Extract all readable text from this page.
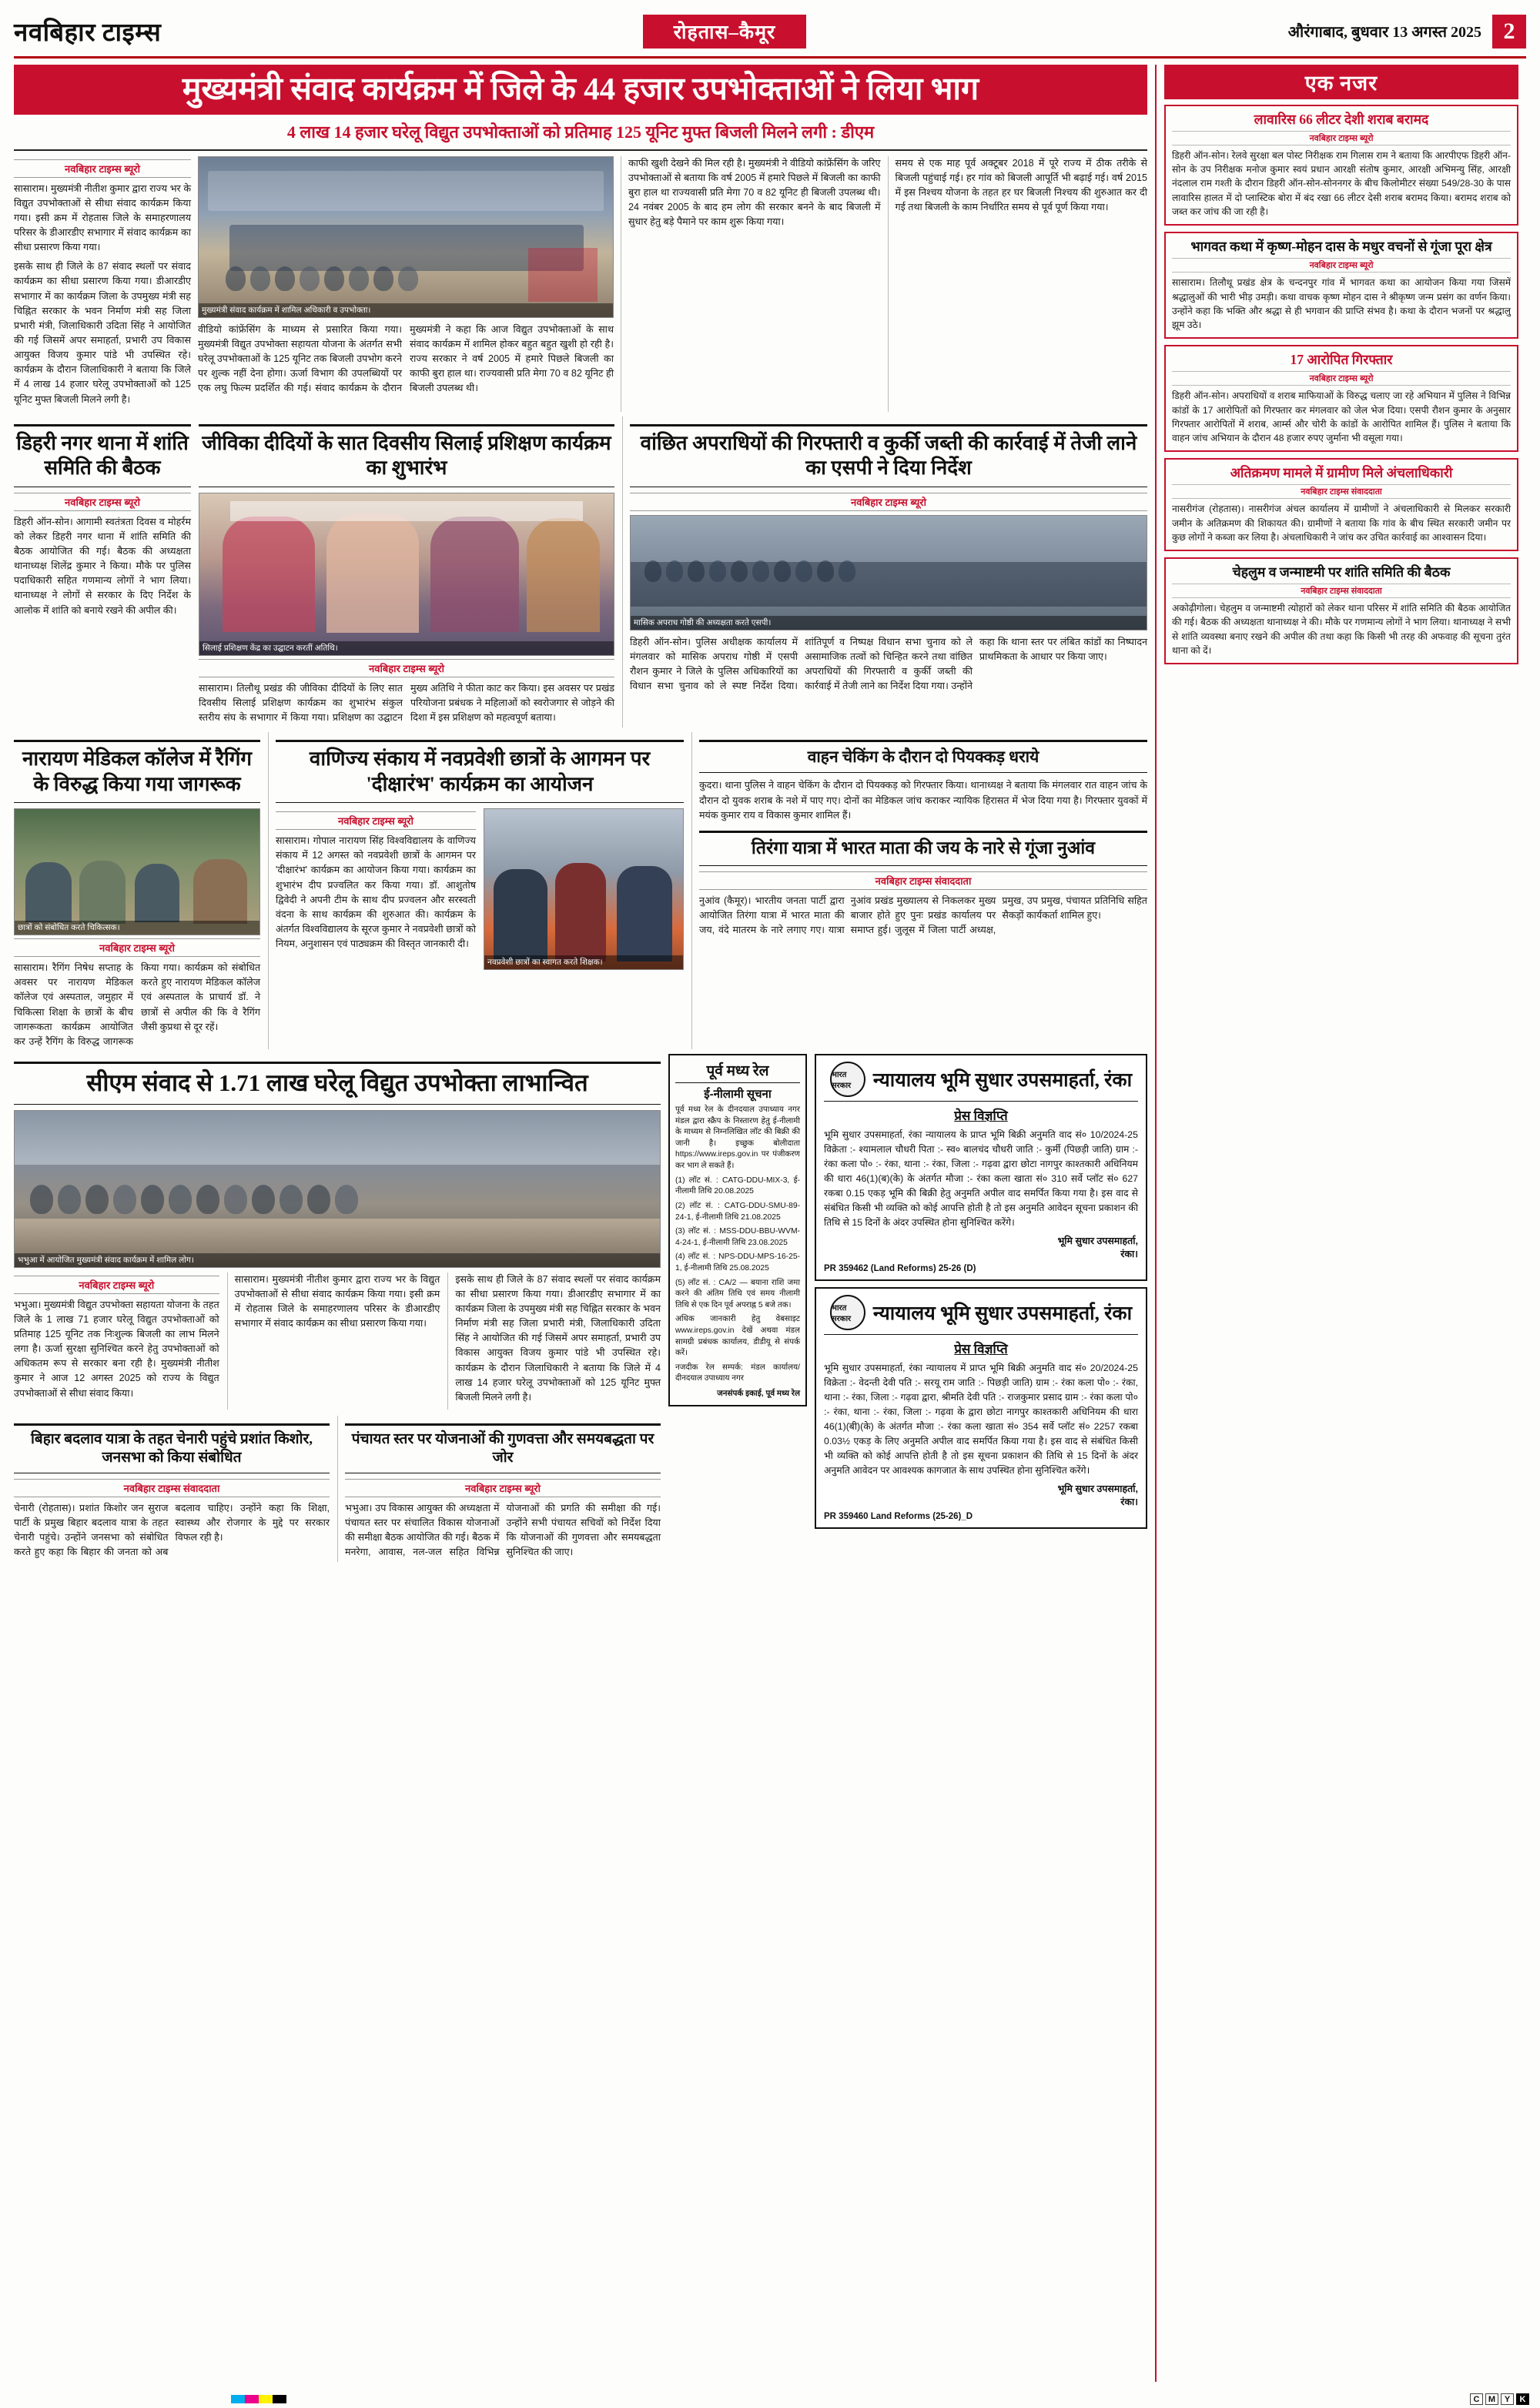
नवबिहार टाइम्स	रोहतास–कैमूर	औरंगाबाद, बुधवार 13 अगस्त 2025 2
मुख्यमंत्री संवाद कार्यक्रम में जिले के 44 हजार उपभोक्ताओं ने लिया भाग
4 लाख 14 हजार घरेलू विद्युत उपभोक्ताओं को प्रतिमाह 125 यूनिट मुफ्त बिजली मिलने लगी : डीएम
नवबिहार टाइम्स ब्यूरो

सासाराम। मुख्यमंत्री नीतीश कुमार द्वारा राज्य भर के विद्युत उपभोक्ताओं से सीधा संवाद कार्यक्रम किया गया। इसी क्रम में रोहतास जिले के समाहरणालय परिसर के डीआरडीए सभागार में संवाद कार्यक्रम का सीधा प्रसारण किया गया।

इसके साथ ही जिले के 87 संवाद स्थलों पर संवाद कार्यक्रम का सीधा प्रसारण किया गया। डीआरडीए सभागार में का कार्यक्रम जिला के उपमुख्य मंत्री सह चिह्नित सरकार के भवन निर्माण मंत्री सह जिला प्रभारी मंत्री, जिलाधिकारी उदिता सिंह ने आयोजित की गई जिसमें अपर समाहर्ता, प्रभारी उप विकास आयुक्त विजय कुमार पांडे भी उपस्थित रहे। कार्यक्रम के दौरान जिलाधिकारी ने बताया कि जिले में 4 लाख 14 हजार घरेलू उपभोक्ताओं को 125 यूनिट मुफ्त बिजली मिलने लगी है।

मुख्यमंत्री संवाद कार्यक्रम में शामिल अधिकारी व उपभोक्ता।

वीडियो कांफ्रेंसिंग के माध्यम से प्रसारित किया गया। मुख्यमंत्री विद्युत उपभोक्ता सहायता योजना के अंतर्गत सभी घरेलू उपभोक्ताओं के 125 यूनिट तक बिजली उपभोग करने पर शुल्क नहीं देना होगा। ऊर्जा विभाग की उपलब्धियों पर एक लघु फिल्म प्रदर्शित की गई। संवाद कार्यक्रम के दौरान मुख्यमंत्री ने कहा कि आज विद्युत उपभोक्ताओं के साथ संवाद कार्यक्रम में शामिल होकर बहुत बहुत खुशी हो रही है। राज्य सरकार ने वर्ष 2005 में हमारे पिछले बिजली का काफी बुरा हाल था। राज्यवासी प्रति मेगा 70 व 82 यूनिट ही बिजली उपलब्ध थी।

काफी खुशी देखने की मिल रही है। मुख्यमंत्री ने वीडियो कांफ्रेंसिंग के जरिए उपभोक्ताओं से बताया कि वर्ष 2005 में हमारे पिछले में बिजली का काफी बुरा हाल था राज्यवासी प्रति मेगा 70 व 82 यूनिट ही बिजली उपलब्ध थी। 24 नवंबर 2005 के बाद हम लोग की सरकार बनने के बाद बिजली में सुधार हेतु बड़े पैमाने पर काम शुरू किया गया।

समय से एक माह पूर्व अक्टूबर 2018 में पूरे राज्य में ठीक तरीके से बिजली पहुंचाई गई। हर गांव को बिजली आपूर्ति भी बढ़ाई गई। वर्ष 2015 में इस निश्चय योजना के तहत हर घर बिजली निश्चय की शुरुआत कर दी गई तथा बिजली के काम निर्धारित समय से पूर्व पूर्ण किया गया।

डिहरी नगर थाना में शांति समिति की बैठक
नवबिहार टाइम्स ब्यूरो

डिहरी ऑन-सोन। आगामी स्वतंत्रता दिवस व मोहर्रम को लेकर डिहरी नगर थाना में शांति समिति की बैठक आयोजित की गई। बैठक की अध्यक्षता थानाध्यक्ष शिलेंद्र कुमार ने किया। मौके पर पुलिस पदाधिकारी सहित गणमान्य लोगों ने भाग लिया। थानाध्यक्ष ने लोगों से सरकार के दिए निर्देश के आलोक में शांति को बनाये रखने की अपील की।

जीविका दीदियों के सात दिवसीय सिलाई प्रशिक्षण कार्यक्रम का शुभारंभ
सिलाई प्रशिक्षण केंद्र का उद्घाटन करतीं अतिथि।
नवबिहार टाइम्स ब्यूरो

सासाराम। तिलौथू प्रखंड की जीविका दीदियों के लिए सात दिवसीय सिलाई प्रशिक्षण कार्यक्रम का शुभारंभ संकुल स्तरीय संघ के सभागार में किया गया। प्रशिक्षण का उद्घाटन मुख्य अतिथि ने फीता काट कर किया। इस अवसर पर प्रखंड परियोजना प्रबंधक ने महिलाओं को स्वरोजगार से जोड़ने की दिशा में इस प्रशिक्षण को महत्वपूर्ण बताया।

वांछित अपराधियों की गिरफ्तारी व कुर्की जब्ती की कार्रवाई में तेजी लाने का एसपी ने दिया निर्देश
नवबिहार टाइम्स ब्यूरो
मासिक अपराध गोष्ठी की अध्यक्षता करते एसपी।

डिहरी ऑन-सोन। पुलिस अधीक्षक कार्यालय में मंगलवार को मासिक अपराध गोष्ठी में एसपी रौशन कुमार ने जिले के पुलिस अधिकारियों का विधान सभा चुनाव को ले स्पष्ट निर्देश दिया। शांतिपूर्ण व निष्पक्ष विधान सभा चुनाव को ले असामाजिक तत्वों को चिन्हित करने तथा वांछित अपराधियों की गिरफ्तारी व कुर्की जब्ती की कार्रवाई में तेजी लाने का निर्देश दिया गया। उन्होंने कहा कि थाना स्तर पर लंबित कांडों का निष्पादन प्राथमिकता के आधार पर किया जाए।

नारायण मेडिकल कॉलेज में रैगिंग के विरुद्ध किया गया जागरूक
छात्रों को संबोधित करते चिकित्सक।
नवबिहार टाइम्स ब्यूरो

सासाराम। रैगिंग निषेध सप्ताह के अवसर पर नारायण मेडिकल कॉलेज एवं अस्पताल, जमुहार में चिकित्सा शिक्षा के छात्रों के बीच जागरूकता कार्यक्रम आयोजित कर उन्हें रैगिंग के विरुद्ध जागरूक किया गया। कार्यक्रम को संबोधित करते हुए नारायण मेडिकल कॉलेज एवं अस्पताल के प्राचार्य डॉ. ने छात्रों से अपील की कि वे रैगिंग जैसी कुप्रथा से दूर रहें।

वाणिज्य संकाय में नवप्रवेशी छात्रों के आगमन पर 'दीक्षारंभ' कार्यक्रम का आयोजन
नवबिहार टाइम्स ब्यूरो

सासाराम। गोपाल नारायण सिंह विश्वविद्यालय के वाणिज्य संकाय में 12 अगस्त को नवप्रवेशी छात्रों के आगमन पर 'दीक्षारंभ' कार्यक्रम का आयोजन किया गया। कार्यक्रम का शुभारंभ दीप प्रज्वलित कर किया गया। डॉ. आशुतोष द्विवेदी ने अपनी टीम के साथ दीप प्रज्वलन और सरस्वती वंदना के साथ कार्यक्रम की शुरुआत की। कार्यक्रम के अंतर्गत विश्वविद्यालय के सूरज कुमार ने नवप्रवेशी छात्रों को नियम, अनुशासन एवं पाठ्यक्रम की विस्तृत जानकारी दी।

नवप्रवेशी छात्रों का स्वागत करते शिक्षक।
वाहन चेकिंग के दौरान दो पियक्कड़ धराये

कुदरा। थाना पुलिस ने वाहन चेकिंग के दौरान दो पियक्कड़ को गिरफ्तार किया। थानाध्यक्ष ने बताया कि मंगलवार रात वाहन जांच के दौरान दो युवक शराब के नशे में पाए गए। दोनों का मेडिकल जांच कराकर न्यायिक हिरासत में भेज दिया गया है। गिरफ्तार युवकों में मयंक कुमार राय व विकास कुमार शामिल हैं।

तिरंगा यात्रा में भारत माता की जय के नारे से गूंजा नुआंव
नवबिहार टाइम्स संवाददाता

नुआंव (कैमूर)। भारतीय जनता पार्टी द्वारा आयोजित तिरंगा यात्रा में भारत माता की जय, वंदे मातरम के नारे लगाए गए। यात्रा नुआंव प्रखंड मुख्यालय से निकलकर मुख्य बाजार होते हुए पुनः प्रखंड कार्यालय पर समाप्त हुई। जुलूस में जिला पार्टी अध्यक्ष, प्रमुख, उप प्रमुख, पंचायत प्रतिनिधि सहित सैकड़ों कार्यकर्ता शामिल हुए।

सीएम संवाद से 1.71 लाख घरेलू विद्युत उपभोक्ता लाभान्वित
भभुआ में आयोजित मुख्यमंत्री संवाद कार्यक्रम में शामिल लोग।
नवबिहार टाइम्स ब्यूरो

भभुआ। मुख्यमंत्री विद्युत उपभोक्ता सहायता योजना के तहत जिले के 1 लाख 71 हजार घरेलू विद्युत उपभोक्ताओं को प्रतिमाह 125 यूनिट तक निःशुल्क बिजली का लाभ मिलने लगा है। ऊर्जा सुरक्षा सुनिश्चित करने हेतु उपभोक्ताओं को अधिकतम रूप से सरकार बना रही है। मुख्यमंत्री नीतीश कुमार ने आज 12 अगस्त 2025 को राज्य के विद्युत उपभोक्ताओं से सीधा संवाद किया।

सासाराम। मुख्यमंत्री नीतीश कुमार द्वारा राज्य भर के विद्युत उपभोक्ताओं से सीधा संवाद कार्यक्रम किया गया। इसी क्रम में रोहतास जिले के समाहरणालय परिसर के डीआरडीए सभागार में संवाद कार्यक्रम का सीधा प्रसारण किया गया।

इसके साथ ही जिले के 87 संवाद स्थलों पर संवाद कार्यक्रम का सीधा प्रसारण किया गया। डीआरडीए सभागार में का कार्यक्रम जिला के उपमुख्य मंत्री सह चिह्नित सरकार के भवन निर्माण मंत्री सह जिला प्रभारी मंत्री, जिलाधिकारी उदिता सिंह ने आयोजित की गई जिसमें अपर समाहर्ता, प्रभारी उप विकास आयुक्त विजय कुमार पांडे भी उपस्थित रहे। कार्यक्रम के दौरान जिलाधिकारी ने बताया कि जिले में 4 लाख 14 हजार घरेलू उपभोक्ताओं को 125 यूनिट मुफ्त बिजली मिलने लगी है।

बिहार बदलाव यात्रा के तहत चेनारी पहुंचे प्रशांत किशोर, जनसभा को किया संबोधित
नवबिहार टाइम्स संवाददाता

चेनारी (रोहतास)। प्रशांत किशोर जन सुराज पार्टी के प्रमुख बिहार बदलाव यात्रा के तहत चेनारी पहुंचे। उन्होंने जनसभा को संबोधित करते हुए कहा कि बिहार की जनता को अब बदलाव चाहिए। उन्होंने कहा कि शिक्षा, स्वास्थ्य और रोजगार के मुद्दे पर सरकार विफल रही है।

पंचायत स्तर पर योजनाओं की गुणवत्ता और समयबद्धता पर जोर
नवबिहार टाइम्स ब्यूरो

भभुआ। उप विकास आयुक्त की अध्यक्षता में पंचायत स्तर पर संचालित विकास योजनाओं की समीक्षा बैठक आयोजित की गई। बैठक में मनरेगा, आवास, नल-जल सहित विभिन्न योजनाओं की प्रगति की समीक्षा की गई। उन्होंने सभी पंचायत सचिवों को निर्देश दिया कि योजनाओं की गुणवत्ता और समयबद्धता सुनिश्चित की जाए।

पूर्व मध्य रेल
ई-नीलामी सूचना
पूर्व मध्य रेल के दीनदयाल उपाध्याय नगर मंडल द्वारा स्क्रैप के निस्तारण हेतु ई-नीलामी के माध्यम से निम्नलिखित लॉट की बिक्री की जानी है। इच्छुक बोलीदाता https://www.ireps.gov.in पर पंजीकरण कर भाग ले सकते हैं।
(1) लॉट सं. : CATG-DDU-MIX-3, ई-नीलामी तिथि 20.08.2025
(2) लॉट सं. : CATG-DDU-SMU-89-24-1, ई-नीलामी तिथि 21.08.2025
(3) लॉट सं. : MSS-DDU-BBU-WVM-4-24-1, ई-नीलामी तिथि 23.08.2025
(4) लॉट सं. : NPS-DDU-MPS-16-25-1, ई-नीलामी तिथि 25.08.2025
(5) लॉट सं. : CA/2 — बयाना राशि जमा करने की अंतिम तिथि एवं समय नीलामी तिथि से एक दिन पूर्व अपराह्न 5 बजे तक।
अधिक जानकारी हेतु वेबसाइट www.ireps.gov.in देखें अथवा मंडल सामग्री प्रबंधक कार्यालय, डीडीयू से संपर्क करें।
नजदीक रेल सम्पर्क: मंडल कार्यालय/दीनदयाल उपाध्याय नगर
जनसंपर्क इकाई, पूर्व मध्य रेल
भारत सरकार	न्यायालय भूमि सुधार उपसमाहर्ता, रंका
प्रेस विज्ञप्ति
भूमि सुधार उपसमाहर्ता, रंका न्यायालय के प्राप्त भूमि बिक्री अनुमति वाद सं० 10/2024-25 विक्रेता :- श्यामलाल चौधरी पिता :- स्व० बालचंद चौधरी जाति :- कुर्मी (पिछड़ी जाति) ग्राम :- रंका कला पो० :- रंका, थाना :- रंका, जिला :- गढ़वा द्वारा छोटा नागपुर काश्तकारी अधिनियम की धारा 46(1)(ब)(के) के अंतर्गत मौजा :- रंका कला खाता सं० 310 सर्वे प्लॉट सं० 627 रकबा 0.15 एकड़ भूमि की बिक्री हेतु अनुमति अपील वाद समर्पित किया गया है। इस वाद से संबंधित किसी भी व्यक्ति को कोई आपत्ति होती है तो इस अनुमति आवेदन सूचना प्रकाशन की तिथि से 15 दिनों के अंदर उपस्थित होना सुनिश्चित करेंगे।
भूमि सुधार उपसमाहर्ता,
रंका।
PR 359462 (Land Reforms) 25-26 (D)
भारत सरकार	न्यायालय भूमि सुधार उपसमाहर्ता, रंका
प्रेस विज्ञप्ति
भूमि सुधार उपसमाहर्ता, रंका न्यायालय में प्राप्त भूमि बिक्री अनुमति वाद सं० 20/2024-25 विक्रेता :- वेदन्ती देवी पति :- सरयू राम जाति :- पिछड़ी जाति) ग्राम :- रंका कला पो० :- रंका, थाना :- रंका, जिला :- गढ़वा द्वारा, श्रीमति देवी पति :- राजकुमार प्रसाद ग्राम :- रंका कला पो० :- रंका, थाना :- रंका, जिला :- गढ़वा के द्वारा छोटा नागपुर काश्तकारी अधिनियम की धारा 46(1)(बी)(के) के अंतर्गत मौजा :- रंका कला खाता सं० 354 सर्वे प्लॉट सं० 2257 रकबा 0.03½ एकड़ के लिए अनुमति अपील वाद समर्पित किया गया है। इस वाद से संबंधित किसी भी व्यक्ति को कोई आपत्ति होती है तो इस सूचना प्रकाशन की तिथि से 15 दिनों के अंदर अनुमति आवेदन पर आवश्यक कागजात के साथ उपस्थित होना सुनिश्चित करेंगे।
भूमि सुधार उपसमाहर्ता,
रंका।
PR 359460 Land Reforms (25-26)_D
एक नजर
लावारिस 66 लीटर देशी शराब बरामद
नवबिहार टाइम्स ब्यूरो
डिहरी ऑन-सोन। रेलवे सुरक्षा बल पोस्ट निरीक्षक राम गिलास राम ने बताया कि आरपीएफ डिहरी ऑन-सोन के उप निरीक्षक मनोज कुमार स्वयं प्रधान आरक्षी संतोष कुमार, आरक्षी अभिमन्यु सिंह, आरक्षी नंदलाल राम गश्ती के दौरान डिहरी ऑन-सोन-सोननगर के बीच किलोमीटर संख्या 549/28-30 के पास लावारिस हालत में दो प्लास्टिक बोरा में बंद रखा 66 लीटर देसी शराब बरामद किया। बरामद शराब को जब्त कर जांच की जा रही है।
भागवत कथा में कृष्ण-मोहन दास के मधुर वचनों से गूंजा पूरा क्षेत्र
नवबिहार टाइम्स ब्यूरो
सासाराम। तिलौथू प्रखंड क्षेत्र के चन्दनपुर गांव में भागवत कथा का आयोजन किया गया जिसमें श्रद्धालुओं की भारी भीड़ उमड़ी। कथा वाचक कृष्ण मोहन दास ने श्रीकृष्ण जन्म प्रसंग का वर्णन किया। उन्होंने कहा कि भक्ति और श्रद्धा से ही भगवान की प्राप्ति संभव है। कथा के दौरान भजनों पर श्रद्धालु झूम उठे।
17 आरोपित गिरफ्तार
नवबिहार टाइम्स ब्यूरो
डिहरी ऑन-सोन। अपराधियों व शराब माफियाओं के विरुद्ध चलाए जा रहे अभियान में पुलिस ने विभिन्न कांडों के 17 आरोपितों को गिरफ्तार कर मंगलवार को जेल भेज दिया। एसपी रौशन कुमार के अनुसार गिरफ्तार आरोपितों में शराब, आर्म्स और चोरी के कांडों के आरोपित शामिल हैं। पुलिस ने बताया कि वाहन जांच अभियान के दौरान 48 हजार रुपए जुर्माना भी वसूला गया।
अतिक्रमण मामले में ग्रामीण मिले अंचलाधिकारी
नवबिहार टाइम्स संवाददाता
नासरीगंज (रोहतास)। नासरीगंज अंचल कार्यालय में ग्रामीणों ने अंचलाधिकारी से मिलकर सरकारी जमीन के अतिक्रमण की शिकायत की। ग्रामीणों ने बताया कि गांव के बीच स्थित सरकारी जमीन पर कुछ लोगों ने कब्जा कर लिया है। अंचलाधिकारी ने जांच कर उचित कार्रवाई का आश्वासन दिया।
चेहलुम व जन्माष्टमी पर शांति समिति की बैठक
नवबिहार टाइम्स संवाददाता
अकोढ़ीगोला। चेहलुम व जन्माष्टमी त्योहारों को लेकर थाना परिसर में शांति समिति की बैठक आयोजित की गई। बैठक की अध्यक्षता थानाध्यक्ष ने की। मौके पर गणमान्य लोगों ने भाग लिया। थानाध्यक्ष ने सभी से शांति व्यवस्था बनाए रखने की अपील की तथा कहा कि किसी भी तरह की अफवाह की सूचना तुरंत थाना को दें।
C	M	Y	K
